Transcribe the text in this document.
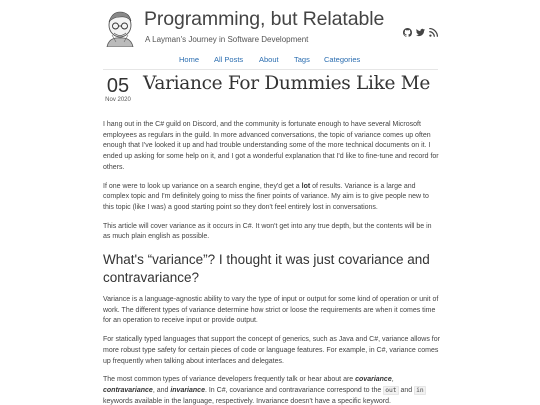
Programming, but Relatable
A Layman's Journey in Software Development
Home All Posts About Tags Categories
05
Nov 2020
Variance For Dummies Like Me

I hang out in the C# guild on Discord, and the community is fortunate enough to have several Microsoft employees as regulars in the guild. In more advanced conversations, the topic of variance comes up often enough that I've looked it up and had trouble understanding some of the more technical documents on it. I ended up asking for some help on it, and I got a wonderful explanation that I'd like to fine-tune and record for others.

If one were to look up variance on a search engine, they'd get a lot of results. Variance is a large and complex topic and I'm definitely going to miss the finer points of variance. My aim is to give people new to this topic (like I was) a good starting point so they don't feel entirely lost in conversations.

This article will cover variance as it occurs in C#. It won't get into any true depth, but the contents will be in as much plain english as possible.

What's “variance”? I thought it was just covariance and contravariance?

Variance is a language-agnostic ability to vary the type of input or output for some kind of operation or unit of work. The different types of variance determine how strict or loose the requirements are when it comes time for an operation to receive input or provide output.

For statically typed languages that support the concept of generics, such as Java and C#, variance allows for more robust type safety for certain pieces of code or language features. For example, in C#, variance comes up frequently when talking about interfaces and delegates.

The most common types of variance developers frequently talk or hear about are covariance, contravariance, and invariance. In C#, covariance and contravariance correspond to the out and in keywords available in the language, respectively. Invariance doesn't have a specific keyword.
